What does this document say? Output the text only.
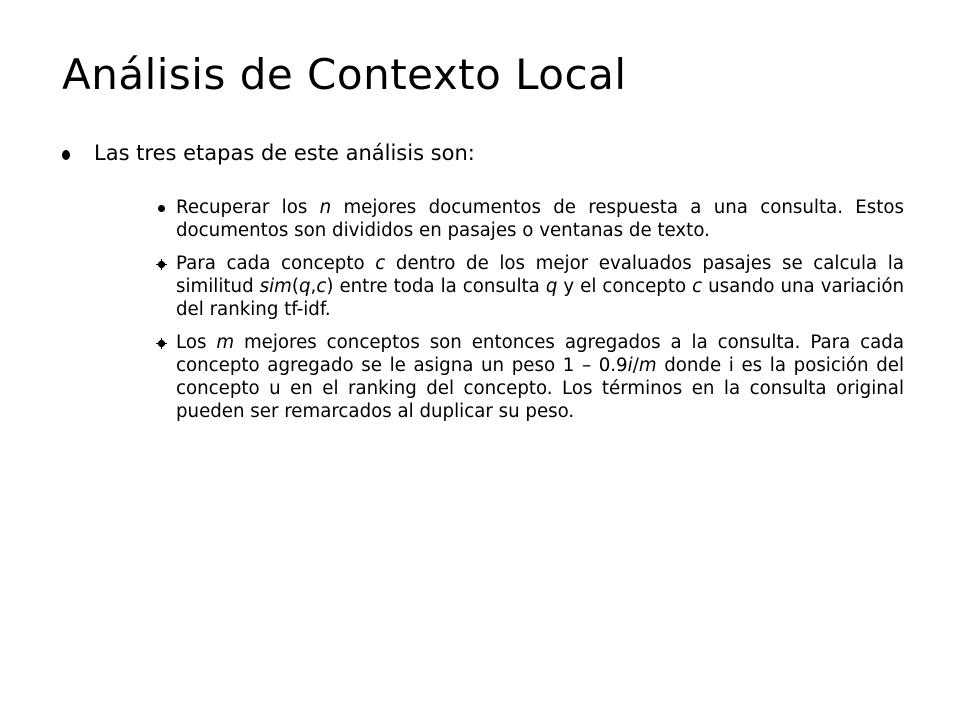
Análisis de Contexto Local
Las tres etapas de este análisis son:
Recuperar los n mejores documentos de respuesta a una consulta. Estos documentos son divididos en pasajes o ventanas de texto.
Para cada concepto c dentro de los mejor evaluados pasajes se calcula la similitud sim(q,c) entre toda la consulta q y el concepto c usando una variación del ranking tf-idf.
Los m mejores conceptos son entonces agregados a la consulta. Para cada concepto agregado se le asigna un peso 1 – 0.9i/m donde i es la posición del concepto u en el ranking del concepto. Los términos en la consulta original pueden ser remarcados al duplicar su peso.
